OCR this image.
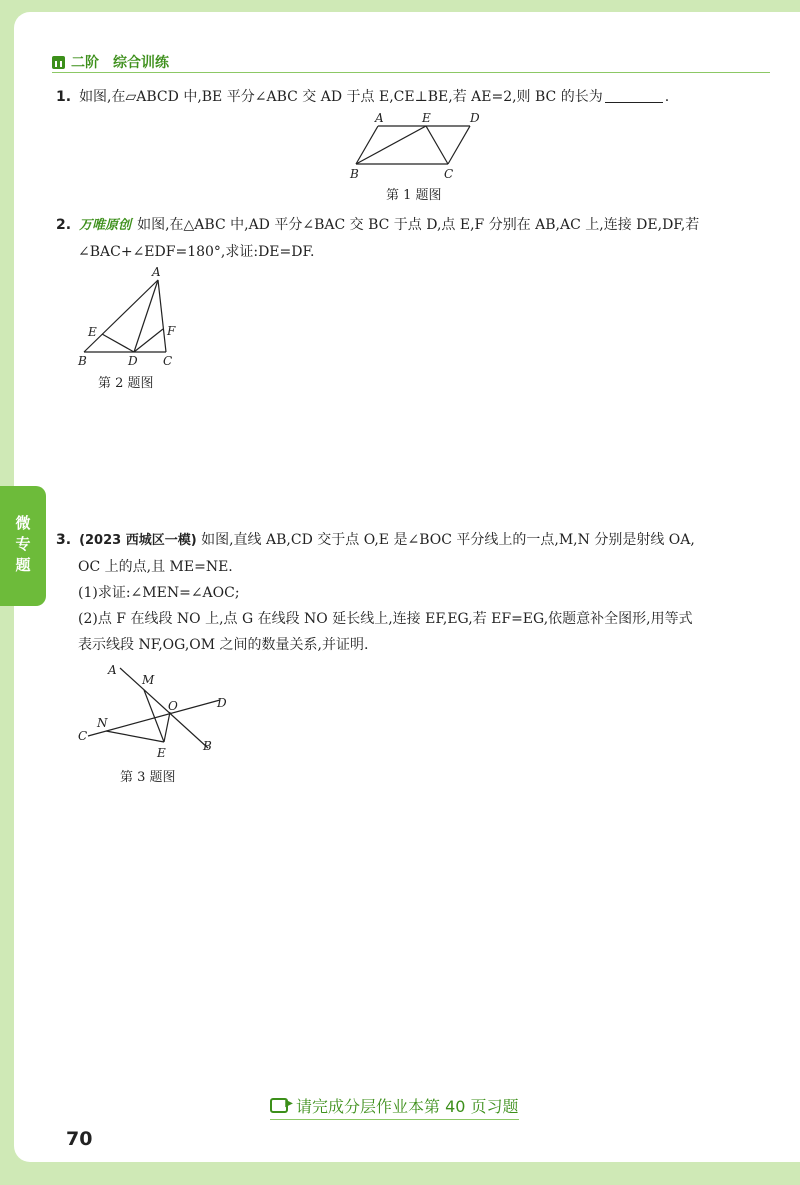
微专题
二阶 综合训练
1. 如图,在▱ABCD 中,BE 平分∠ABC 交 AD 于点 E,CE⊥BE,若 AE=2,则 BC 的长为	.
A	E	D
B	C
第 1 题图
2. 万唯原创 如图,在△ABC 中,AD 平分∠BAC 交 BC 于点 D,点 E,F 分别在 AB,AC 上,连接 DE,DF,若
∠BAC+∠EDF=180°,求证:DE=DF.
A
E	F
B	D C
第 2 题图
3. (2023 西城区一模) 如图,直线 AB,CD 交于点 O,E 是∠BOC 平分线上的一点,M,N 分别是射线 OA,
OC 上的点,且 ME=NE.
(1)求证:∠MEN=∠AOC;
(2)点 F 在线段 NO 上,点 G 在线段 NO 延长线上,连接 EF,EG,若 EF=EG,依题意补全图形,用等式
表示线段 NF,OG,OM 之间的数量关系,并证明.
A
M
O	D
N
C
E	B
第 3 题图
▶
请完成分层作业本第 40 页习题
70
